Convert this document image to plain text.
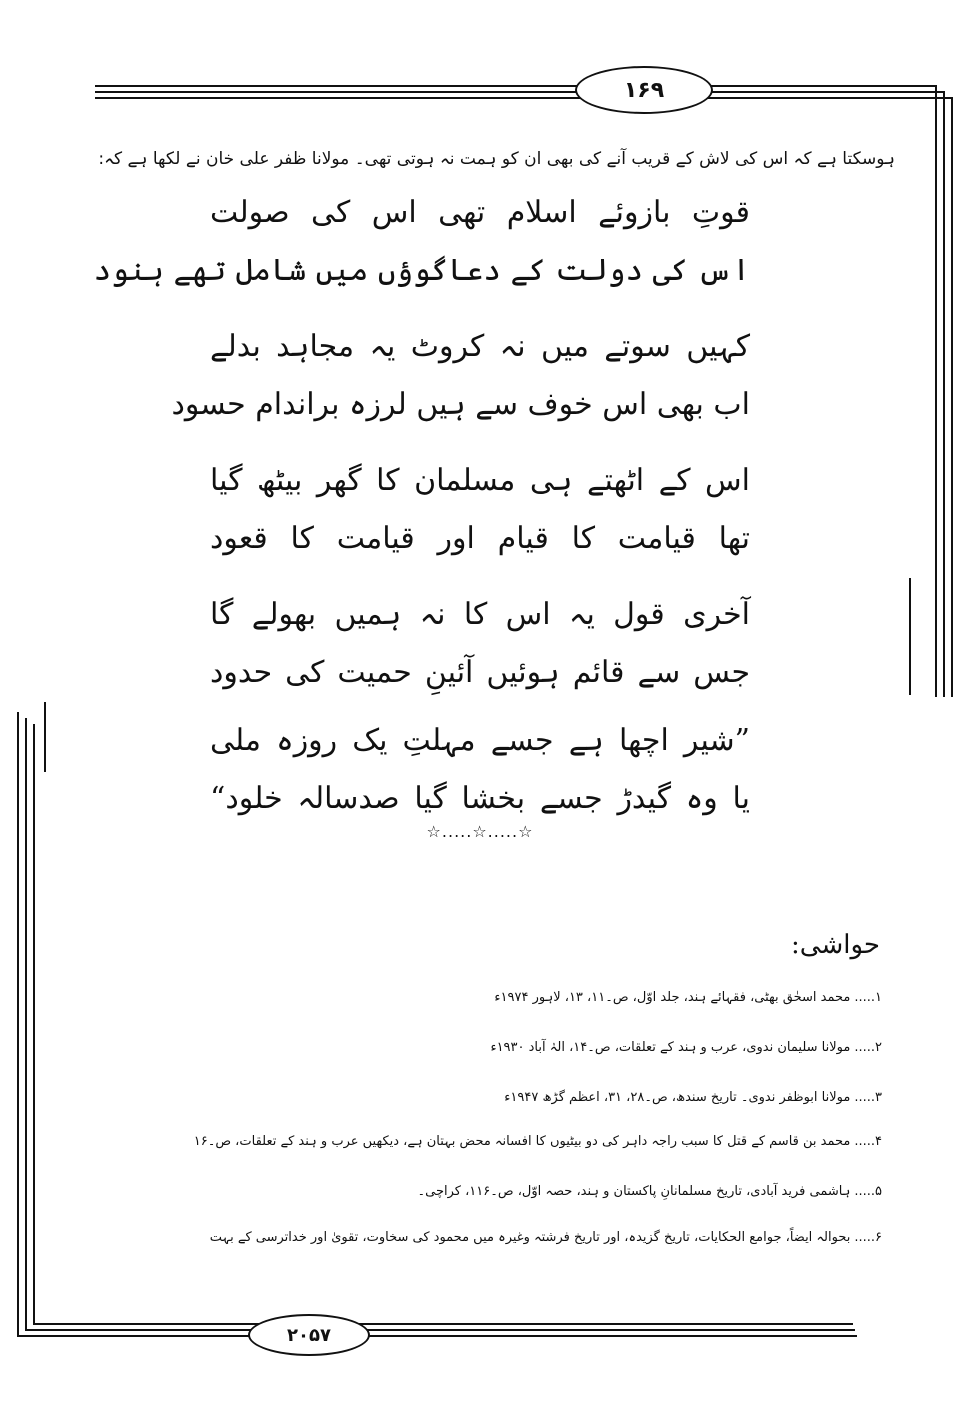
۱۶۹
۲۰۵۷
ہوسکتا ہے کہ اس کی لاش کے قریب آنے کی بھی ان کو ہمت نہ ہوتی تھی۔ مولانا ظفر علی خان نے لکھا ہے کہ:
قوتِ بازوئے اسلام تھی اس کی صولت
اس کی دولت کے دعاگوؤں میں شامل تھے ہنود
کہیں سوتے میں نہ کروٹ یہ مجاہد بدلے
اب بھی اس خوف سے ہیں لرزہ براندام حسود
اس کے اٹھتے ہی مسلمان کا گھر بیٹھ گیا
تھا قیامت کا قیام اور قیامت کا قعود
آخری قول یہ اس کا نہ ہمیں بھولے گا
جس سے قائم ہوئیں آئینِ حمیت کی حدود
”شیر اچھا ہے جسے مہلتِ یک روزہ ملی
یا وہ گیدڑ جسے بخشا گیا صدسالہ خلود“
☆.....☆.....☆
حواشی:
۱.....محمد اسحٰق بھٹی، فقہائے ہند، جلد اوّل، ص۔۱۱، ۱۳، لاہور ۱۹۷۴ء
۲.....مولانا سلیمان ندوی، عرب و ہند کے تعلقات، ص۔۱۴، الہٰ آباد ۱۹۳۰ء
۳.....مولانا ابوظفر ندوی۔ تاریخ سندھ، ص۔۲۸، ۳۱، اعظم گڑھ ۱۹۴۷ء
۴.....محمد بن قاسم کے قتل کا سبب راجہ داہر کی دو بیٹیوں کا افسانہ محض بہتان ہے، دیکھیں عرب و ہند کے تعلقات، ص۔۱۶
۵.....ہاشمی فرید آبادی، تاریخ مسلمانانِ پاکستان و ہند، حصہ اوّل، ص۔۱۱۶، کراچی۔
۶.....بحوالہ ایضاً، جوامع الحکایات، تاریخ گزیدہ، اور تاریخ فرشتہ وغیرہ میں محمود کی سخاوت، تقویٰ اور خداترسی کے بہت
